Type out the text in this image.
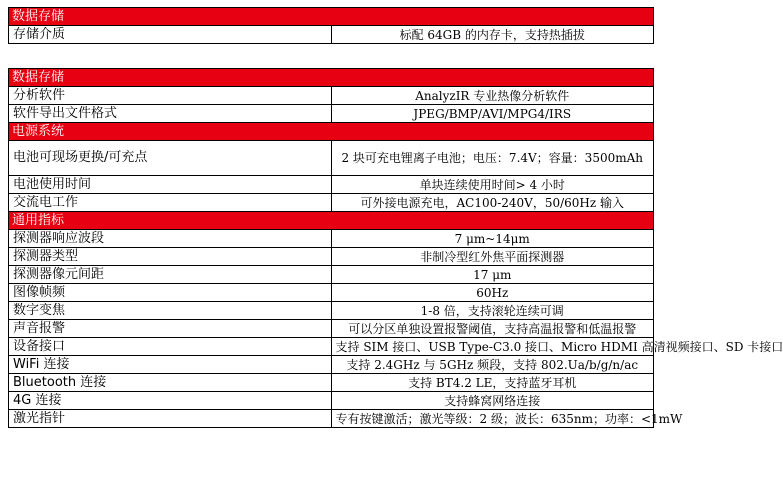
数据存储
存储介质	标配 64GB 的内存卡，支持热插拔
数据存储	
分析软件	AnalyzIR 专业热像分析软件
软件导出文件格式	JPEG/BMP/AVI/MPG4/IRS
电源系统	
电池可现场更换/可充点	2 块可充电锂离子电池；电压：7.4V；容量：3500mAh
电池使用时间	单块连续使用时间> 4 小时
交流电工作	可外接电源充电，AC100-240V，50/60Hz 输入
通用指标	
探测器响应波段	7 μm~14μm
探测器类型	非制冷型红外焦平面探测器
探测器像元间距	17 μm
图像帧频	60Hz
数字变焦	1-8 倍，支持滚轮连续可调
声音报警	可以分区单独设置报警阈值，支持高温报警和低温报警
设备接口	支持 SIM 接口、USB Type-C3.0 接口、Micro HDMI 高清视频接口、SD 卡接口
WiFi 连接	支持 2.4GHz 与 5GHz 频段，支持 802.Ua/b/g/n/ac
Bluetooth 连接	支持 BT4.2 LE，支持蓝牙耳机
4G 连接	支持蜂窝网络连接
激光指针	专有按键激活；激光等级：2 级；波长：635nm；功率：<1mW
